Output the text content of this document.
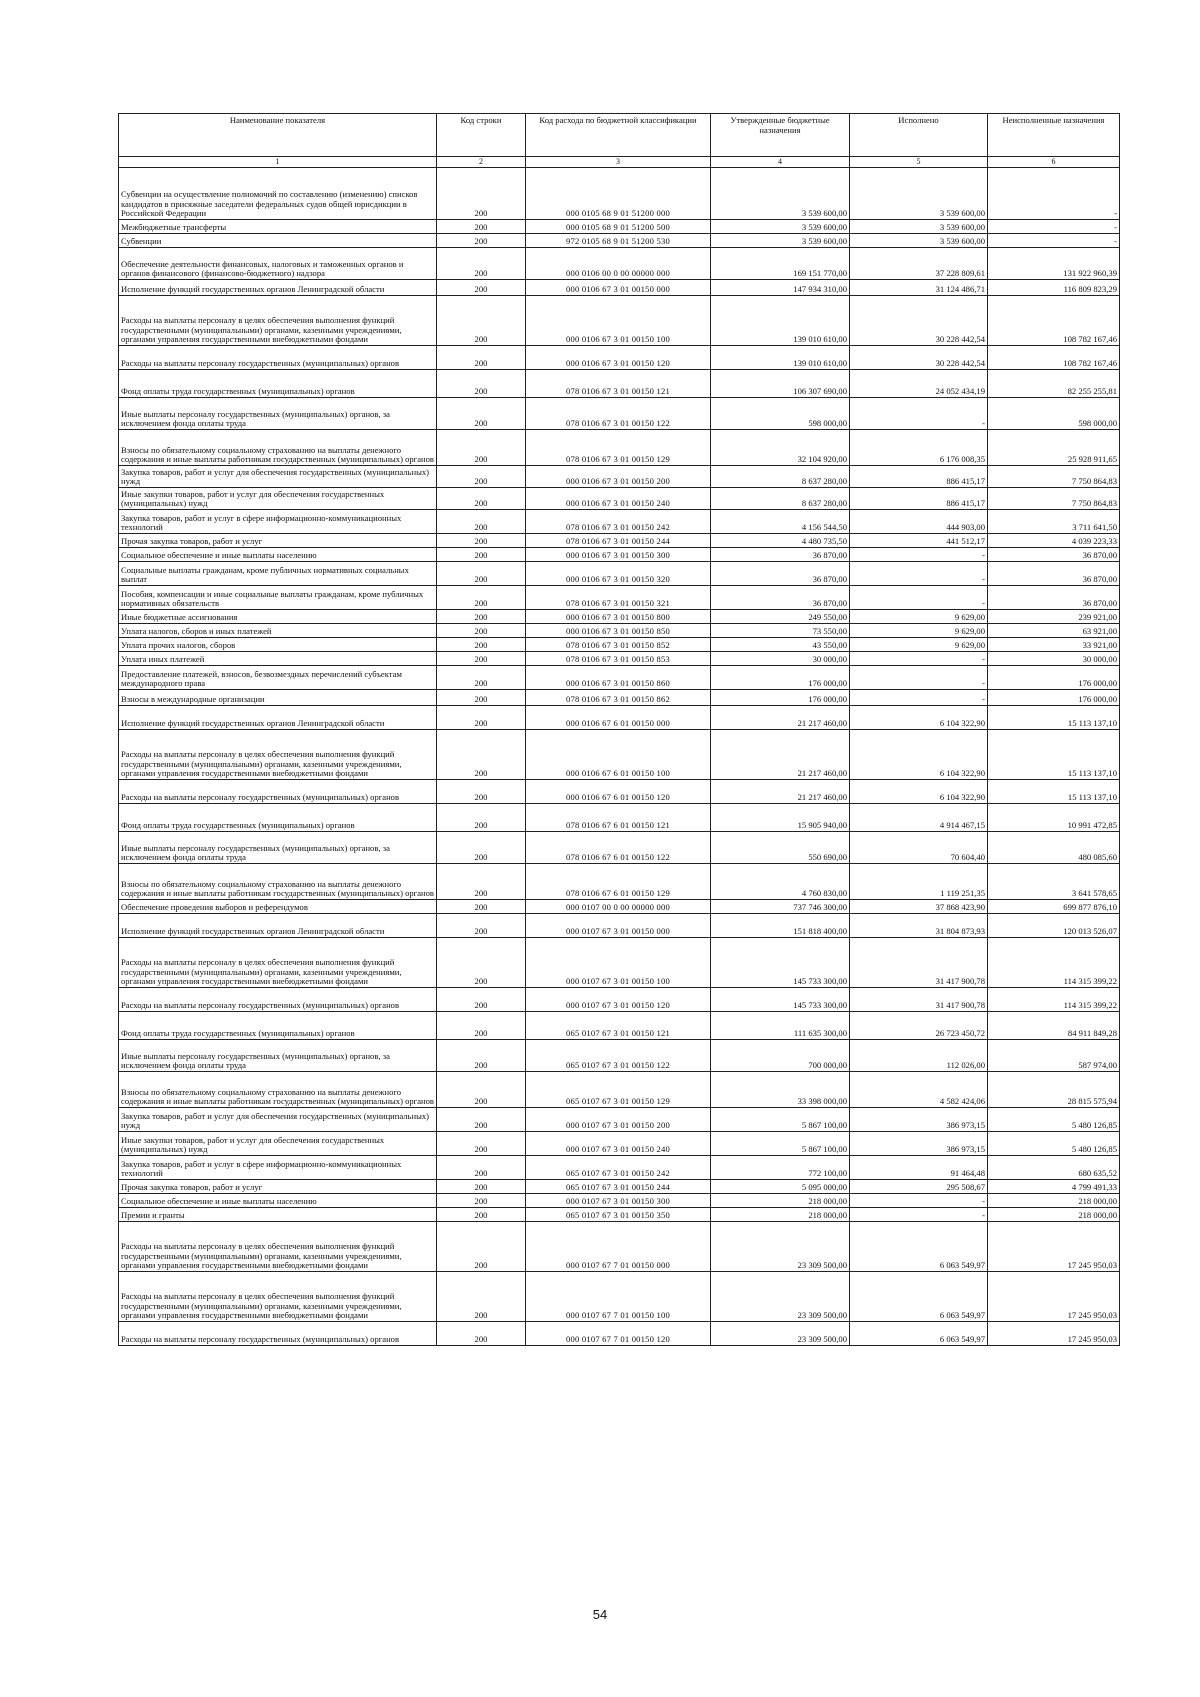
Наименование показателя	Код строки	Код расхода по бюджетной классификации	Утвержденные бюджетные назначения	Исполнено	Неисполненные назначения
1	2	3	4	5	6
Субвенции на осуществление полномочий по составлению (изменению) списков кандидатов в присяжные заседатели федеральных судов общей юрисдикции в Российской Федерации	200	000 0105 68 9 01 51200 000	3 539 600,00	3 539 600,00	-
Межбюджетные трансферты	200	000 0105 68 9 01 51200 500	3 539 600,00	3 539 600,00	-
Субвенции	200	972 0105 68 9 01 51200 530	3 539 600,00	3 539 600,00	-
Обеспечение деятельности финансовых, налоговых и таможенных органов и органов финансового (финансово-бюджетного) надзора	200	000 0106 00 0 00 00000 000	169 151 770,00	37 228 809,61	131 922 960,39
Исполнение функций государственных органов Ленинградской области	200	000 0106 67 3 01 00150 000	147 934 310,00	31 124 486,71	116 809 823,29
Расходы на выплаты персоналу в целях обеспечения выполнения функций государственными (муниципальными) органами, казенными учреждениями, органами управления государственными внебюджетными фондами	200	000 0106 67 3 01 00150 100	139 010 610,00	30 228 442,54	108 782 167,46
Расходы на выплаты персоналу государственных (муниципальных) органов	200	000 0106 67 3 01 00150 120	139 010 610,00	30 228 442,54	108 782 167,46
Фонд оплаты труда государственных (муниципальных) органов	200	078 0106 67 3 01 00150 121	106 307 690,00	24 052 434,19	82 255 255,81
Иные выплаты персоналу государственных (муниципальных) органов, за исключением фонда оплаты труда	200	078 0106 67 3 01 00150 122	598 000,00	-	598 000,00
Взносы по обязательному социальному страхованию на выплаты денежного содержания и иные выплаты работникам государственных (муниципальных) органов	200	078 0106 67 3 01 00150 129	32 104 920,00	6 176 008,35	25 928 911,65
Закупка товаров, работ и услуг для обеспечения государственных (муниципальных) нужд	200	000 0106 67 3 01 00150 200	8 637 280,00	886 415,17	7 750 864,83
Иные закупки товаров, работ и услуг для обеспечения государственных (муниципальных) нужд	200	000 0106 67 3 01 00150 240	8 637 280,00	886 415,17	7 750 864,83
Закупка товаров, работ и услуг в сфере информационно-коммуникационных технологий	200	078 0106 67 3 01 00150 242	4 156 544,50	444 903,00	3 711 641,50
Прочая закупка товаров, работ и услуг	200	078 0106 67 3 01 00150 244	4 480 735,50	441 512,17	4 039 223,33
Социальное обеспечение и иные выплаты населению	200	000 0106 67 3 01 00150 300	36 870,00	-	36 870,00
Социальные выплаты гражданам, кроме публичных нормативных социальных выплат	200	000 0106 67 3 01 00150 320	36 870,00	-	36 870,00
Пособия, компенсации и иные социальные выплаты гражданам, кроме публичных нормативных обязательств	200	078 0106 67 3 01 00150 321	36 870,00	-	36 870,00
Иные бюджетные ассигнования	200	000 0106 67 3 01 00150 800	249 550,00	9 629,00	239 921,00
Уплата налогов, сборов и иных платежей	200	000 0106 67 3 01 00150 850	73 550,00	9 629,00	63 921,00
Уплата прочих налогов, сборов	200	078 0106 67 3 01 00150 852	43 550,00	9 629,00	33 921,00
Уплата иных платежей	200	078 0106 67 3 01 00150 853	30 000,00	-	30 000,00
Предоставление платежей, взносов, безвозмездных перечислений субъектам международного права	200	000 0106 67 3 01 00150 860	176 000,00	-	176 000,00
Взносы в международные организации	200	078 0106 67 3 01 00150 862	176 000,00	-	176 000,00
Исполнение функций государственных органов Ленинградской области	200	000 0106 67 6 01 00150 000	21 217 460,00	6 104 322,90	15 113 137,10
Расходы на выплаты персоналу в целях обеспечения выполнения функций государственными (муниципальными) органами, казенными учреждениями, органами управления государственными внебюджетными фондами	200	000 0106 67 6 01 00150 100	21 217 460,00	6 104 322,90	15 113 137,10
Расходы на выплаты персоналу государственных (муниципальных) органов	200	000 0106 67 6 01 00150 120	21 217 460,00	6 104 322,90	15 113 137,10
Фонд оплаты труда государственных (муниципальных) органов	200	078 0106 67 6 01 00150 121	15 905 940,00	4 914 467,15	10 991 472,85
Иные выплаты персоналу государственных (муниципальных) органов, за исключением фонда оплаты труда	200	078 0106 67 6 01 00150 122	550 690,00	70 604,40	480 085,60
Взносы по обязательному социальному страхованию на выплаты денежного содержания и иные выплаты работникам государственных (муниципальных) органов	200	078 0106 67 6 01 00150 129	4 760 830,00	1 119 251,35	3 641 578,65
Обеспечение проведения выборов и референдумов	200	000 0107 00 0 00 00000 000	737 746 300,00	37 868 423,90	699 877 876,10
Исполнение функций государственных органов Ленинградской области	200	000 0107 67 3 01 00150 000	151 818 400,00	31 804 873,93	120 013 526,07
Расходы на выплаты персоналу в целях обеспечения выполнения функций государственными (муниципальными) органами, казенными учреждениями, органами управления государственными внебюджетными фондами	200	000 0107 67 3 01 00150 100	145 733 300,00	31 417 900,78	114 315 399,22
Расходы на выплаты персоналу государственных (муниципальных) органов	200	000 0107 67 3 01 00150 120	145 733 300,00	31 417 900,78	114 315 399,22
Фонд оплаты труда государственных (муниципальных) органов	200	065 0107 67 3 01 00150 121	111 635 300,00	26 723 450,72	84 911 849,28
Иные выплаты персоналу государственных (муниципальных) органов, за исключением фонда оплаты труда	200	065 0107 67 3 01 00150 122	700 000,00	112 026,00	587 974,00
Взносы по обязательному социальному страхованию на выплаты денежного содержания и иные выплаты работникам государственных (муниципальных) органов	200	065 0107 67 3 01 00150 129	33 398 000,00	4 582 424,06	28 815 575,94
Закупка товаров, работ и услуг для обеспечения государственных (муниципальных) нужд	200	000 0107 67 3 01 00150 200	5 867 100,00	386 973,15	5 480 126,85
Иные закупки товаров, работ и услуг для обеспечения государственных (муниципальных) нужд	200	000 0107 67 3 01 00150 240	5 867 100,00	386 973,15	5 480 126,85
Закупка товаров, работ и услуг в сфере информационно-коммуникационных технологий	200	065 0107 67 3 01 00150 242	772 100,00	91 464,48	680 635,52
Прочая закупка товаров, работ и услуг	200	065 0107 67 3 01 00150 244	5 095 000,00	295 508,67	4 799 491,33
Социальное обеспечение и иные выплаты населению	200	000 0107 67 3 01 00150 300	218 000,00	-	218 000,00
Премии и гранты	200	065 0107 67 3 01 00150 350	218 000,00	-	218 000,00
Расходы на выплаты персоналу в целях обеспечения выполнения функций государственными (муниципальными) органами, казенными учреждениями, органами управления государственными внебюджетными фондами	200	000 0107 67 7 01 00150 000	23 309 500,00	6 063 549,97	17 245 950,03
Расходы на выплаты персоналу в целях обеспечения выполнения функций государственными (муниципальными) органами, казенными учреждениями, органами управления государственными внебюджетными фондами	200	000 0107 67 7 01 00150 100	23 309 500,00	6 063 549,97	17 245 950,03
Расходы на выплаты персоналу государственных (муниципальных) органов	200	000 0107 67 7 01 00150 120	23 309 500,00	6 063 549,97	17 245 950,03
54
